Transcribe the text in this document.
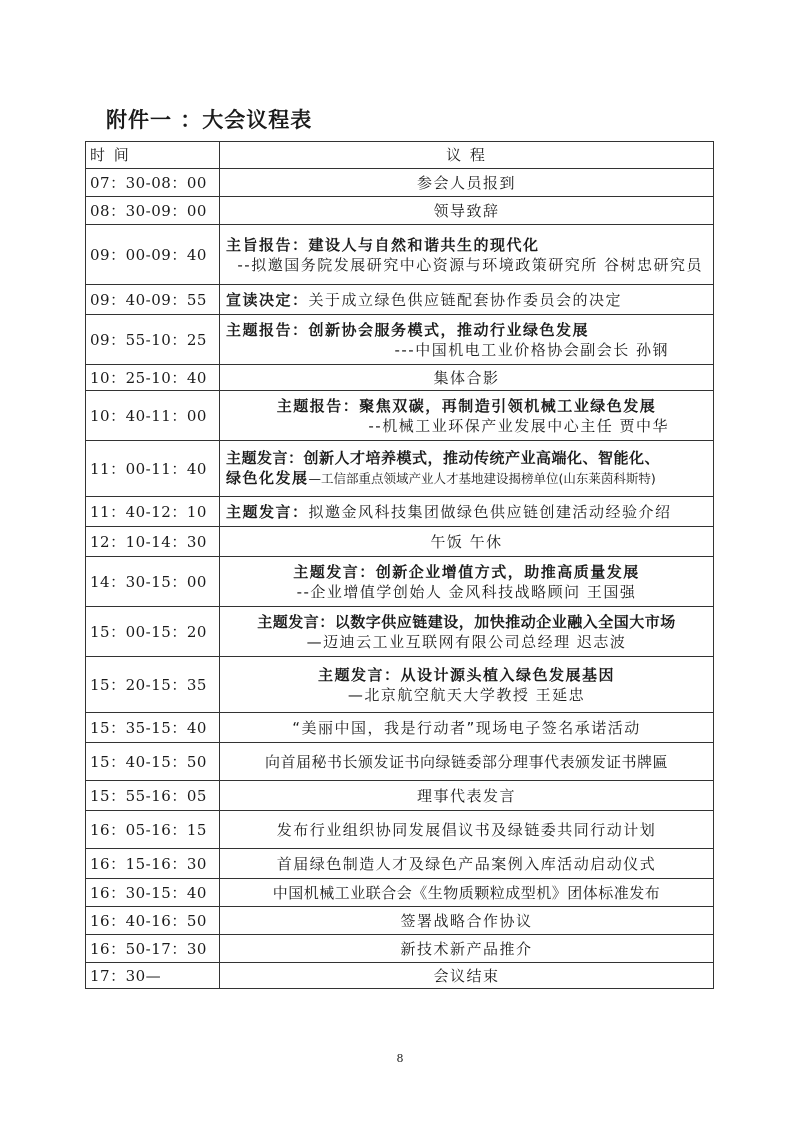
附件一 ：大会议程表
时 间	议 程
07：30-08：00	参会人员报到
08：30-09：00	领导致辞
09：00-09：40	主旨报告：建设人与自然和谐共生的现代化
--拟邀国务院发展研究中心资源与环境政策研究所 谷树忠研究员

09：40-09：55	宣读决定：关于成立绿色供应链配套协作委员会的决定

09：55-10：25	主题报告：创新协会服务模式，推动行业绿色发展
---中国机电工业价格协会副会长 孙钢

10：25-10：40	集体合影
10：40-11：00	主题报告：聚焦双碳，再制造引领机械工业绿色发展
--机械工业环保产业发展中心主任 贾中华

11：00-11：40	主题发言：创新人才培养模式，推动传统产业高端化、智能化、
绿色化发展—工信部重点领域产业人才基地建设揭榜单位(山东莱茵科斯特)

11：40-12：10	主题发言：拟邀金风科技集团做绿色供应链创建活动经验介绍

12：10-14：30	午饭 午休
14：30-15：00	主题发言：创新企业增值方式，助推高质量发展
--企业增值学创始人 金风科技战略顾问 王国强

15：00-15：20	主题发言：以数字供应链建设，加快推动企业融入全国大市场
—迈迪云工业互联网有限公司总经理 迟志波

15：20-15：35	主题发言：从设计源头植入绿色发展基因
—北京航空航天大学教授 王延忠

15：35-15：40	“美丽中国，我是行动者”现场电子签名承诺活动
15：40-15：50	向首届秘书长颁发证书向绿链委部分理事代表颁发证书牌匾
15：55-16：05	理事代表发言
16：05-16：15	发布行业组织协同发展倡议书及绿链委共同行动计划
16：15-16：30	首届绿色制造人才及绿色产品案例入库活动启动仪式
16：30-15：40	中国机械工业联合会《生物质颗粒成型机》团体标准发布
16：40-16：50	签署战略合作协议
16：50-17：30	新技术新产品推介
17：30—	会议结束
8
